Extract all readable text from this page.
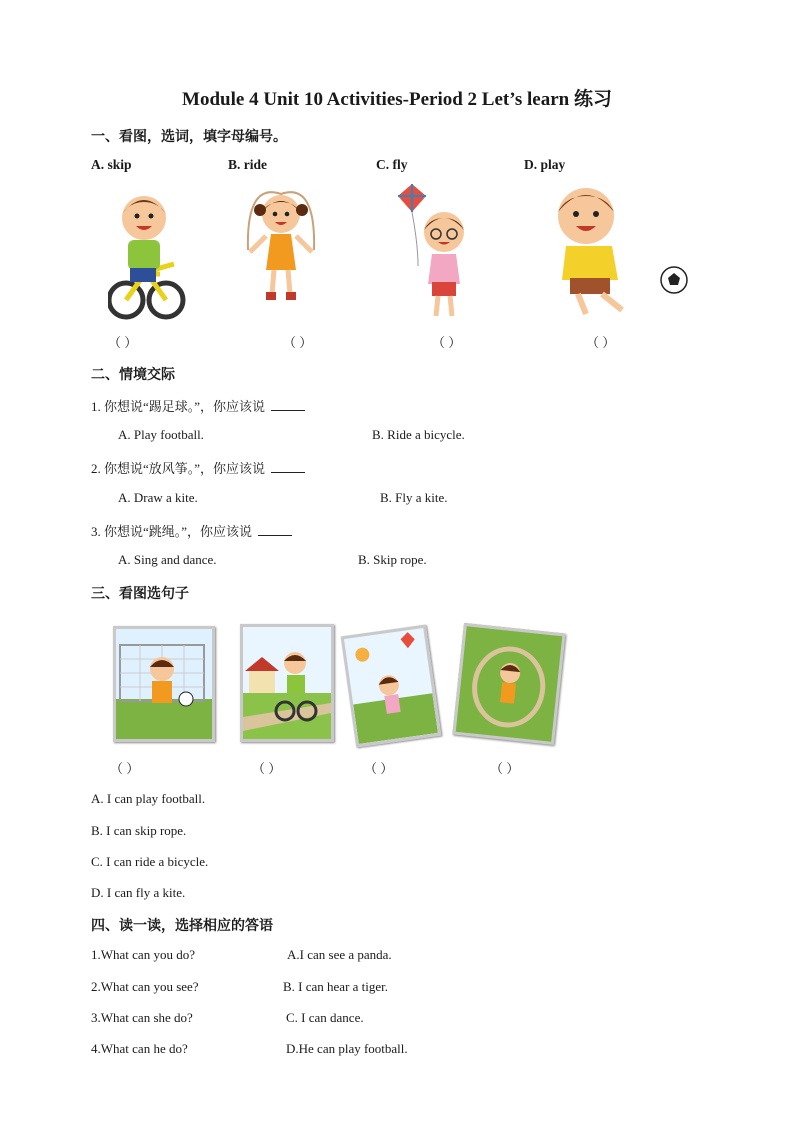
Module 4 Unit 10 Activities-Period 2 Let’s learn 练习
一、看图，选词，填字母编号。
A. skip	B. ride	C. fly	D. play
（ ）	（ ）	（ ）	（ ）
二、情境交际
1. 你想说“踢足球。”，你应该说
A. Play football.	B. Ride a bicycle.
2. 你想说“放风筝。”，你应该说
A. Draw a kite.	B. Fly a kite.
3. 你想说“跳绳。”，你应该说
A. Sing and dance.	B. Skip rope.
三、看图选句子
（ ）	（ ）	（ ）	（ ）
A. I can play football.
B. I can skip rope.
C. I can ride a bicycle.
D. I can fly a kite.
四、读一读，选择相应的答语
1.What can you do?	A.I can see a panda.
2.What can you see?	B. I can hear a tiger.
3.What can she do?	C. I can dance.
4.What can he do?	D.He can play football.
